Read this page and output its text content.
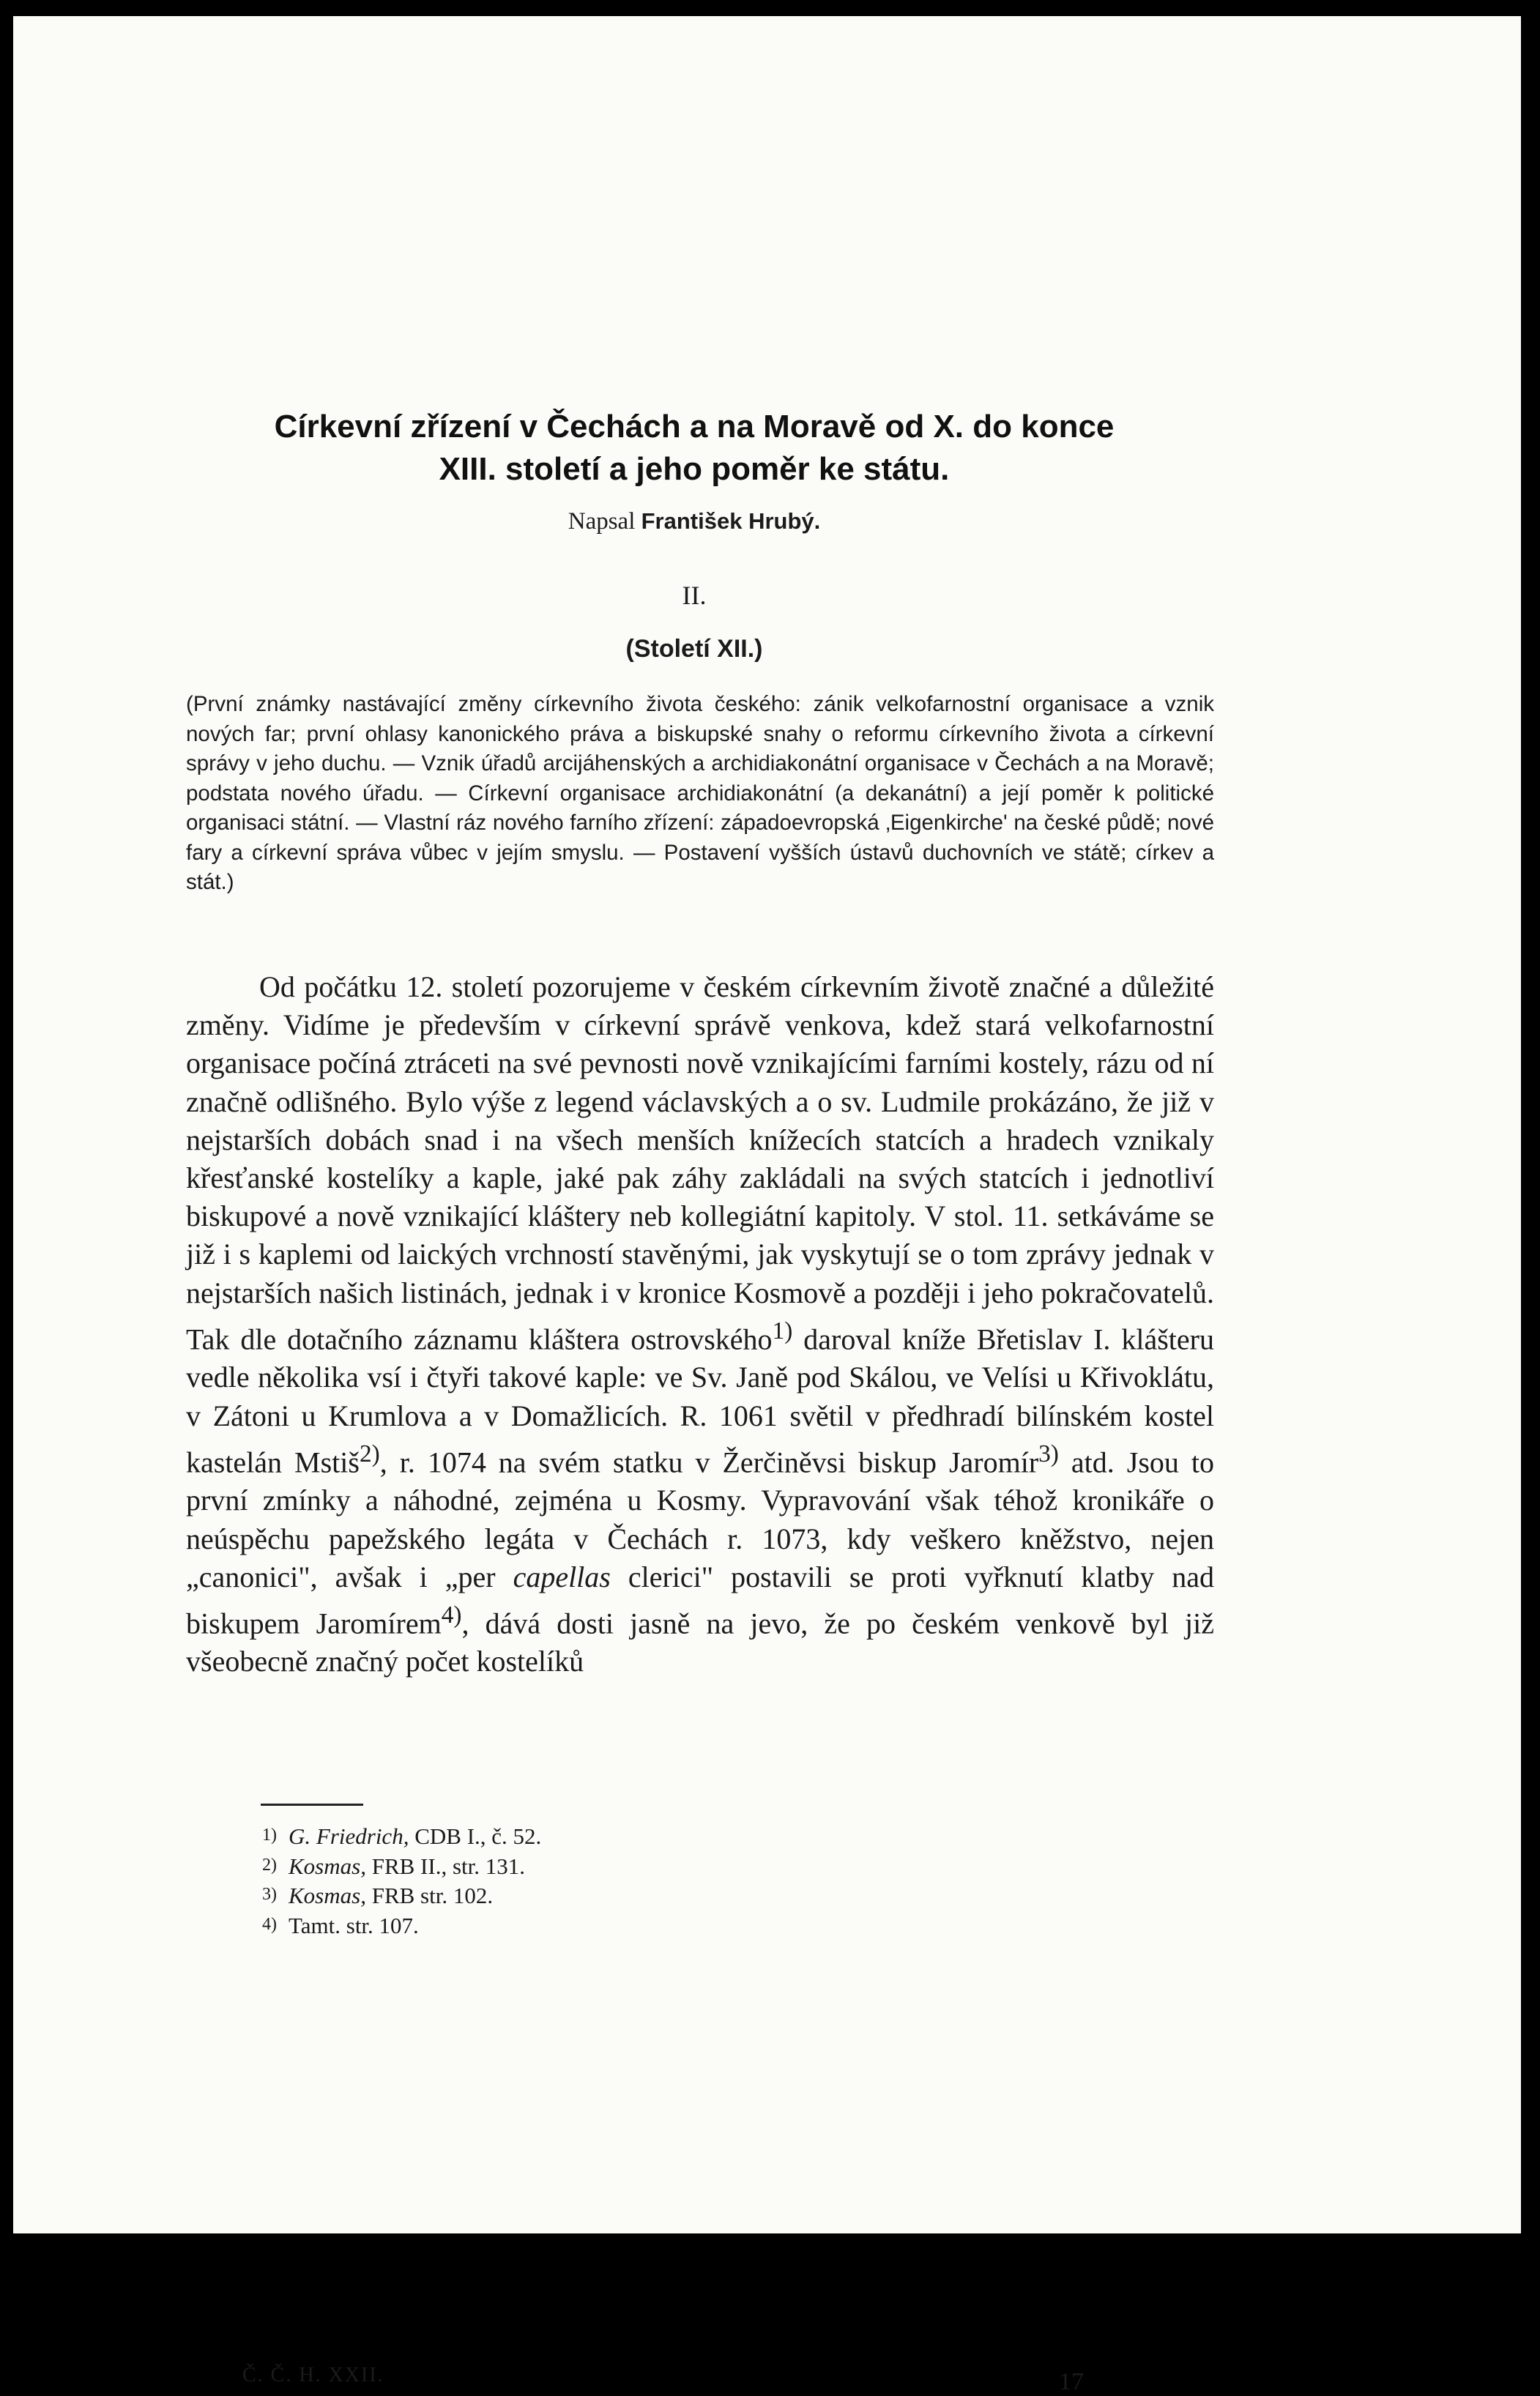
Církevní zřízení v Čechách a na Moravě od X. do konce
XIII. století a jeho poměr ke státu.
Napsal František Hrubý.
II.
(Století XII.)

(První známky nastávající změny církevního života českého: zánik velkofarnostní organisace a vznik nových far; první ohlasy kanonického práva a biskupské snahy o reformu církevního života a církevní správy v jeho duchu. — Vznik úřadů arcijáhenských a archidiakonátní organisace v Čechách a na Moravě; podstata nového úřadu. — Církevní organisace archidiakonátní (a dekanátní) a její poměr k politické organisaci státní. — Vlastní ráz nového farního zřízení: západoevropská ‚Eigenkirche' na české půdě; nové fary a církevní správa vůbec v jejím smyslu. — Postavení vyšších ústavů duchovních ve státě; církev a stát.)

Od počátku 12. století pozorujeme v českém církevním životě značné a důležité změny. Vidíme je především v církevní správě venkova, kdež stará velkofarnostní organisace počíná ztráceti na své pevnosti nově vznikajícími farními kostely, rázu od ní značně odlišného. Bylo výše z legend václavských a o sv. Ludmile prokázáno, že již v nejstarších dobách snad i na všech menších knížecích statcích a hradech vznikaly křesťanské kostelíky a kaple, jaké pak záhy zakládali na svých statcích i jednotliví biskupové a nově vznikající kláštery neb kollegiátní kapitoly. V stol. 11. setkáváme se již i s kaplemi od laických vrchností stavěnými, jak vyskytují se o tom zprávy jednak v nejstarších našich listinách, jednak i v kronice Kosmově a později i jeho pokračovatelů. Tak dle dotačního záznamu kláštera ostrovského$^{1)}$ daroval kníže Břetislav I. klášteru vedle několika vsí i čtyři takové kaple: ve Sv. Janě pod Skálou, ve Velísi u Křivoklátu, v Zátoni u Krumlova a v Domažlicích. R. 1061 světil v předhradí bilínském kostel kastelán Mstiš$^{2)}$, r. 1074 na svém statku v Žerčiněvsi biskup Jaromír$^{3)}$ atd. Jsou to první zmínky a náhodné, zejména u Kosmy. Vypravování však téhož kronikáře o neúspěchu papežského legáta v Čechách r. 1073, kdy veškero kněžstvo, nejen „canonici", avšak i „per capellas clerici" postavili se proti vyřknutí klatby nad biskupem Jaromírem$^{4)}$, dává dosti jasně na jevo, že po českém venkově byl již všeobecně značný počet kostelíků

1) G. Friedrich, CDB I., č. 52.
2) Kosmas, FRB II., str. 131.
3) Kosmas, FRB str. 102.
4) Tamt. str. 107.
Č. Č. H. XXII.	17
